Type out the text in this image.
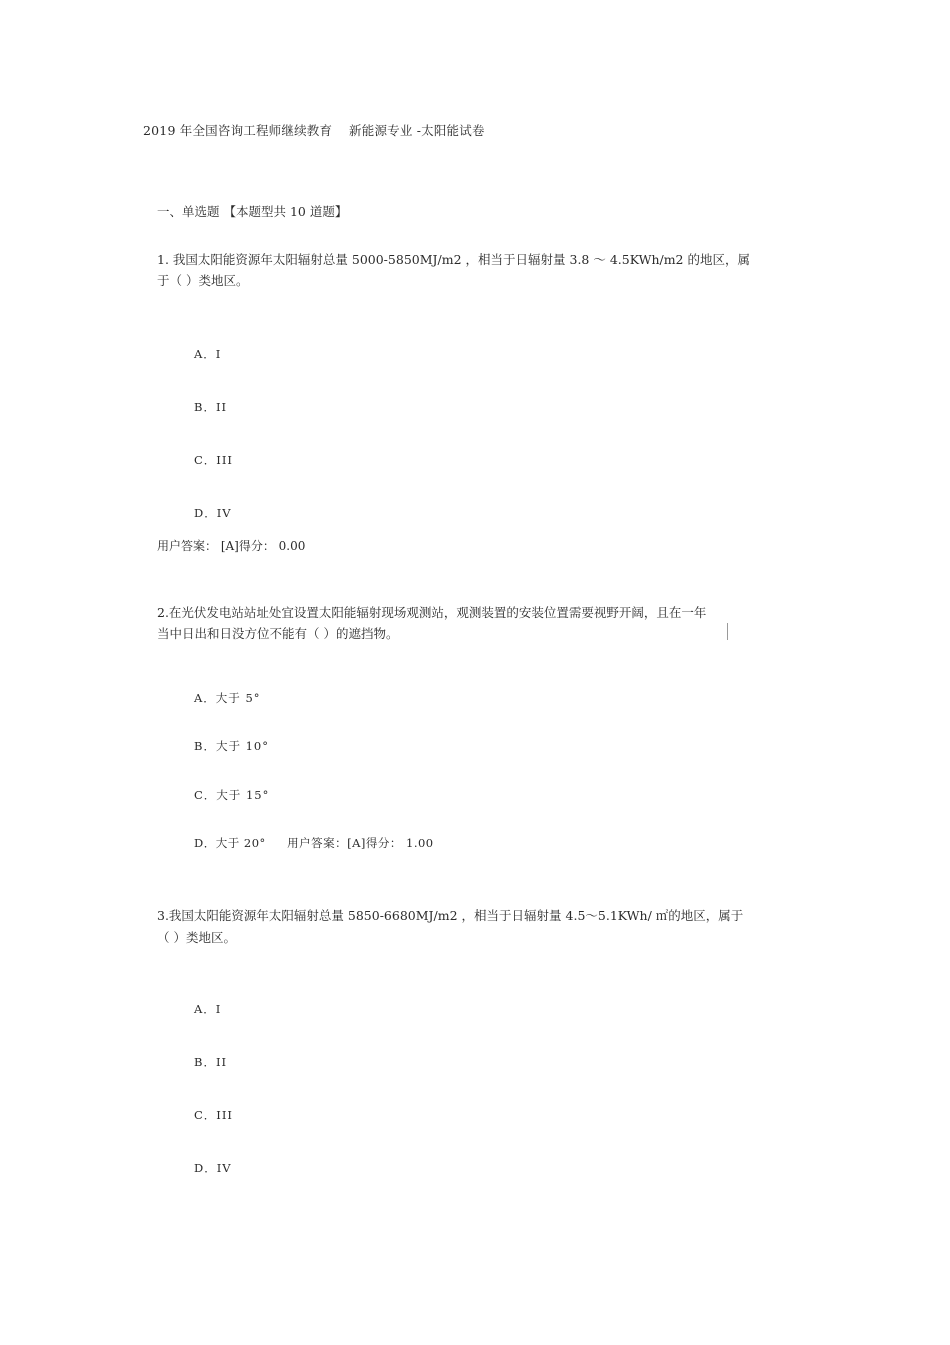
2019 年全国咨询工程师继续教育　 新能源专业 -太阳能试卷
一、单选题 【本题型共 10 道题】
1. 我国太阳能资源年太阳辐射总量 5000-5850MJ/m2 ，相当于日辐射量 3.8 ～ 4.5KWh/m2 的地区，属
于（ ）类地区。
A．I
B．II
C．III
D．IV
用户答案： [A]得分： 0.00
2.在光伏发电站站址处宜设置太阳能辐射现场观测站，观测装置的安装位置需要视野开阔，且在一年
当中日出和日没方位不能有（ ）的遮挡物。
A．大于 5°
B．大于 10°
C．大于 15°
D．大于 20° 用户答案：[A]得分： 1.00
3.我国太阳能资源年太阳辐射总量 5850-6680MJ/m2 ，相当于日辐射量 4.5～5.1KWh/ ㎡的地区，属于
（ ）类地区。
A．I
B．II
C．III
D．IV
